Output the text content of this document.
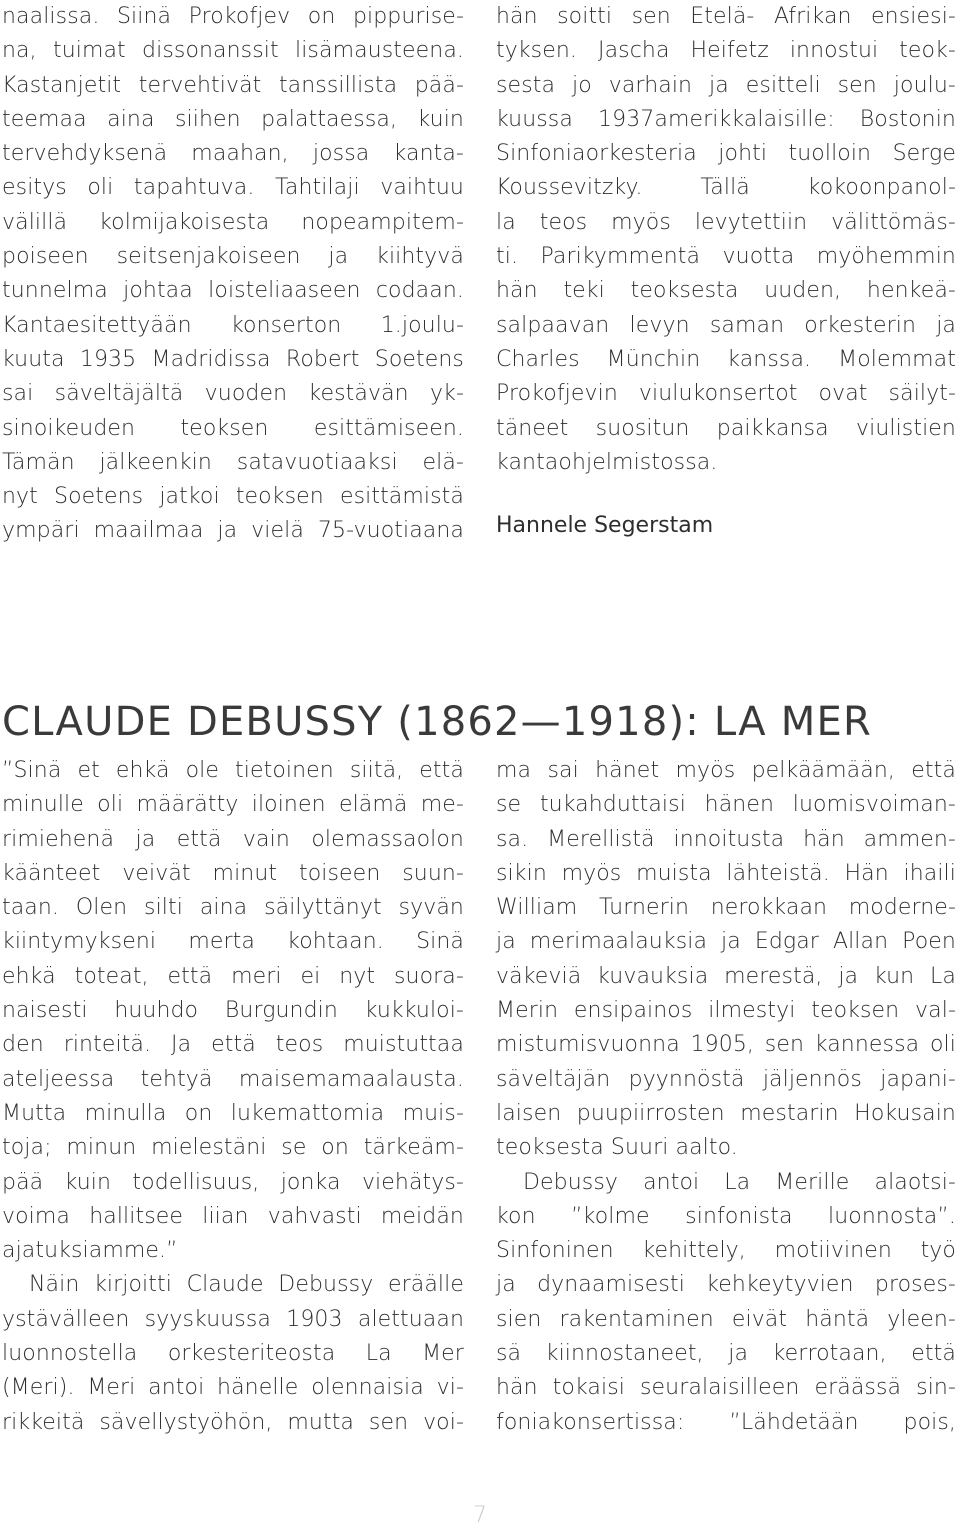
naalissa. Siinä Prokofjev on pippurise-
na, tuimat dissonanssit lisämausteena.
Kastanjetit tervehtivät tanssillista pää-
teemaa aina siihen palattaessa, kuin
tervehdyksenä maahan, jossa kanta-
esitys oli tapahtuva. Tahtilaji vaihtuu
välillä kolmijakoisesta nopeampitem-
poiseen seitsenjakoiseen ja kiihtyvä
tunnelma johtaa loisteliaaseen codaan.
Kantaesitettyään konserton 1.joulu-
kuuta 1935 Madridissa Robert Soetens
sai säveltäjältä vuoden kestävän yk-
sinoikeuden teoksen esittämiseen.
Tämän jälkeenkin satavuotiaaksi elä-
nyt Soetens jatkoi teoksen esittämistä
ympäri maailmaa ja vielä 75-vuotiaana
hän soitti sen Etelä- Afrikan ensiesi-
tyksen. Jascha Heifetz innostui teok-
sesta jo varhain ja esitteli sen joulu-
kuussa 1937amerikkalaisille: Bostonin
Sinfoniaorkesteria johti tuolloin Serge
Koussevitzky.	Tällä	kokoonpanol-
la teos myös levytettiin välittömäs-
ti. Parikymmentä vuotta myöhemmin
hän teki teoksesta uuden, henkeä-
salpaavan levyn saman orkesterin ja
Charles Münchin kanssa. Molemmat
Prokofjevin viulukonsertot ovat säilyt-
täneet suositun paikkansa viulistien
kantaohjelmistossa.
Hannele Segerstam
CLAUDE DEBUSSY (1862—1918): LA MER
”Sinä et ehkä ole tietoinen siitä, että
minulle oli määrätty iloinen elämä me-
rimiehenä ja että vain olemassaolon
käänteet veivät minut toiseen suun-
taan. Olen silti aina säilyttänyt syvän
kiintymykseni merta kohtaan. Sinä
ehkä toteat, että meri ei nyt suora-
naisesti huuhdo Burgundin kukkuloi-
den rinteitä. Ja että teos muistuttaa
ateljeessa tehtyä maisemamaalausta.
Mutta minulla on lukemattomia muis-
toja; minun mielestäni se on tärkeäm-
pää kuin todellisuus, jonka viehätys-
voima hallitsee liian vahvasti meidän
ajatuksiamme.”
Näin kirjoitti Claude Debussy eräälle
ystävälleen syyskuussa 1903 alettuaan
luonnostella orkesteriteosta La Mer
(Meri). Meri antoi hänelle olennaisia vi-
rikkeitä sävellystyöhön, mutta sen voi-
ma sai hänet myös pelkäämään, että
se tukahduttaisi hänen luomisvoiman-
sa. Merellistä innoitusta hän ammen-
sikin myös muista lähteistä. Hän ihaili
William Turnerin nerokkaan moderne-
ja merimaalauksia ja Edgar Allan Poen
väkeviä kuvauksia merestä, ja kun La
Merin ensipainos ilmestyi teoksen val-
mistumisvuonna 1905, sen kannessa oli
säveltäjän pyynnöstä jäljennös japani-
laisen puupiirrosten mestarin Hokusain
teoksesta Suuri aalto.
Debussy antoi La Merille alaotsi-
kon ”kolme sinfonista luonnosta”.
Sinfoninen kehittely, motiivinen työ
ja dynaamisesti kehkeytyvien proses-
sien rakentaminen eivät häntä yleen-
sä kiinnostaneet, ja kerrotaan, että
hän tokaisi seuralaisilleen eräässä sin-
foniakonsertissa: ”Lähdetään pois,
7
